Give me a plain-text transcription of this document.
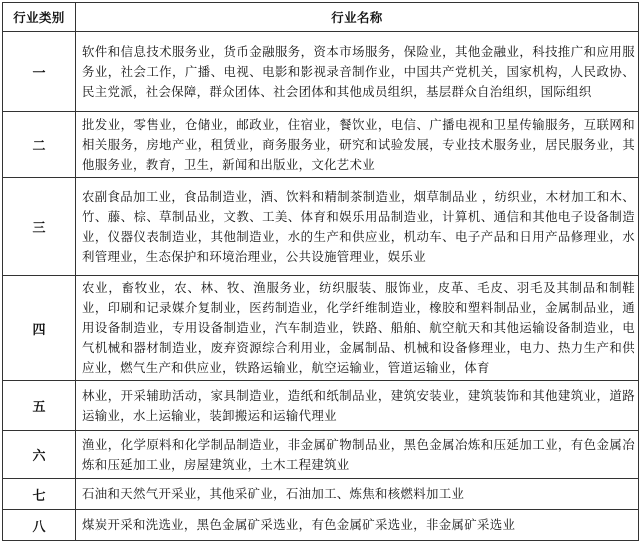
行业类别	行业名称
一	软件和信息技术服务业，货币金融服务，资本市场服务，保险业，其他金融业，科技推广和应用服务业，社会工作，广播、电视、电影和影视录音制作业，中国共产党机关，国家机构，人民政协、民主党派，社会保障，群众团体、社会团体和其他成员组织，基层群众自治组织，国际组织
二	批发业，零售业，仓储业，邮政业，住宿业，餐饮业，电信、广播电视和卫星传输服务，互联网和相关服务，房地产业，租赁业，商务服务业，研究和试验发展，专业技术服务业，居民服务业，其他服务业，教育，卫生，新闻和出版业，文化艺术业
三	农副食品加工业，食品制造业，酒、饮料和精制茶制造业，烟草制品业 ，纺织业，木材加工和木、竹、藤、棕、草制品业，文教、工美、体育和娱乐用品制造业，计算机、通信和其他电子设备制造业，仪器仪表制造业，其他制造业，水的生产和供应业，机动车、电子产品和日用产品修理业，水利管理业，生态保护和环境治理业，公共设施管理业，娱乐业
四	农业，畜牧业，农、林、牧、渔服务业，纺织服装、服饰业，皮革、毛皮、羽毛及其制品和制鞋业，印刷和记录媒介复制业，医药制造业，化学纤维制造业，橡胶和塑料制品业，金属制品业，通用设备制造业，专用设备制造业，汽车制造业，铁路、船舶、航空航天和其他运输设备制造业，电气机械和器材制造业，废弃资源综合利用业，金属制品、机械和设备修理业，电力、热力生产和供应业，燃气生产和供应业，铁路运输业，航空运输业，管道运输业，体育
五	林业，开采辅助活动，家具制造业，造纸和纸制品业，建筑安装业，建筑装饰和其他建筑业，道路运输业，水上运输业，装卸搬运和运输代理业
六	渔业，化学原料和化学制品制造业，非金属矿物制品业，黑色金属冶炼和压延加工业，有色金属冶炼和压延加工业，房屋建筑业，土木工程建筑业
七	石油和天然气开采业，其他采矿业，石油加工、炼焦和核燃料加工业
八	煤炭开采和洗选业，黑色金属矿采选业，有色金属矿采选业，非金属矿采选业
